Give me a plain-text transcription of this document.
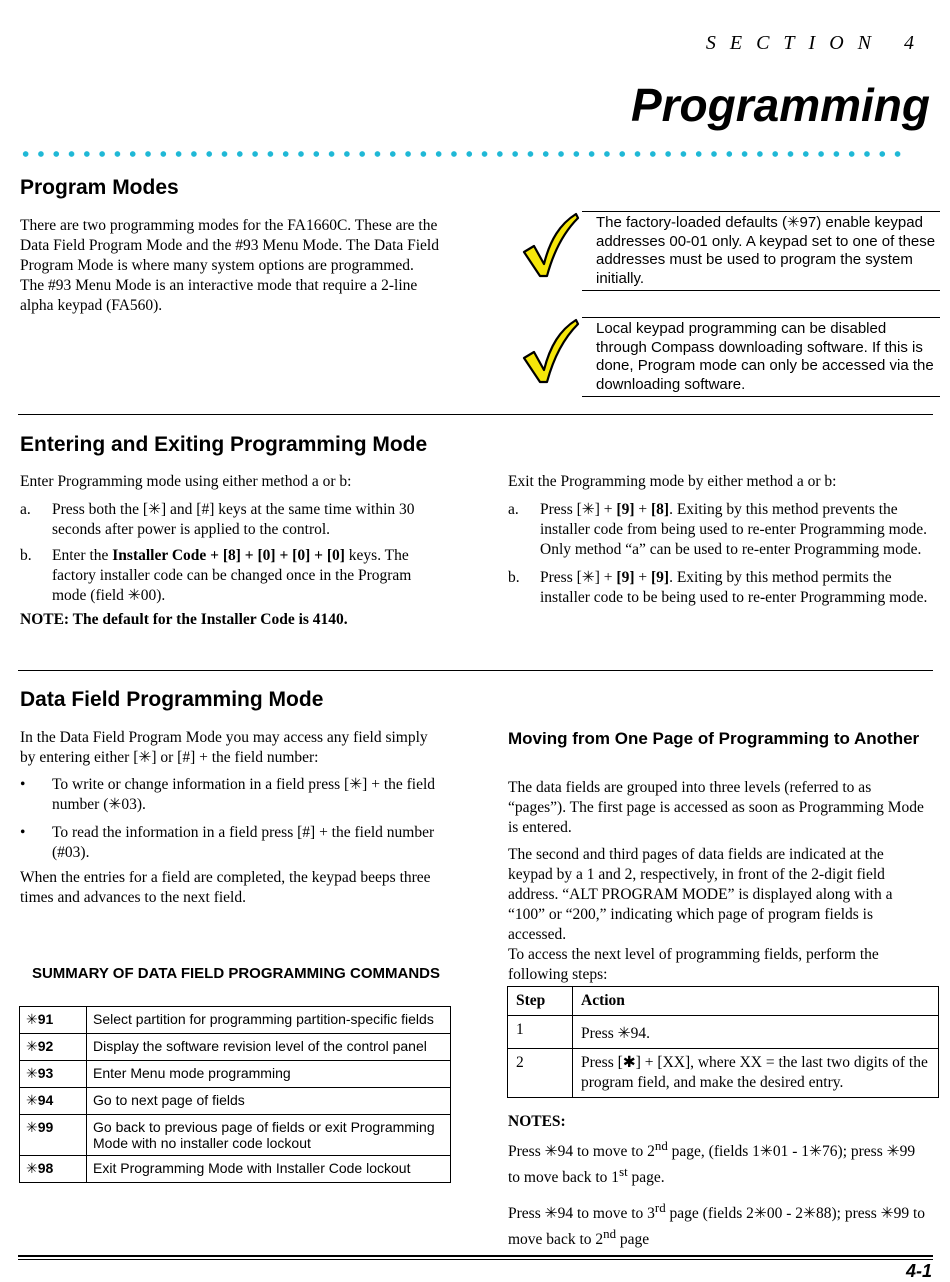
SECTION 4
Programming
Program Modes

There are two programming modes for the FA1660C. These are the Data Field Program Mode and the #93 Menu Mode. The Data Field Program Mode is where many system options are programmed. The #93 Menu Mode is an interactive mode that require a 2-line alpha keypad (FA560).

The factory-loaded defaults (✳97) enable keypad addresses 00-01 only. A keypad set to one of these addresses must be used to program the system initially.
Local keypad programming can be disabled through Compass downloading software. If this is done, Program mode can only be accessed via the downloading software.
Entering and Exiting Programming Mode

Enter Programming mode using either method a or b:

a. Press both the [✳] and [#] keys at the same time within 30 seconds after power is applied to the control.
b. Enter the Installer Code + [8] + [0] + [0] + [0] keys. The factory installer code can be changed once in the Program mode (field ✳00).

NOTE: The default for the Installer Code is 4140.

Exit the Programming mode by either method a or b:

a. Press [✳] + [9] + [8]. Exiting by this method prevents the installer code from being used to re-enter Programming mode. Only method “a” can be used to re-enter Programming mode.
b. Press [✳] + [9] + [9]. Exiting by this method permits the installer code to be being used to re-enter Programming mode.
Data Field Programming Mode

In the Data Field Program Mode you may access any field simply by entering either [✳] or [#] + the field number:

• To write or change information in a field press [✳] + the field number (✳03).
• To read the information in a field press [#] + the field number (#03).

When the entries for a field are completed, the keypad beeps three times and advances to the next field.

SUMMARY OF DATA FIELD PROGRAMMING COMMANDS
✳91	Select partition for programming partition-specific fields
✳92	Display the software revision level of the control panel
✳93	Enter Menu mode programming
✳94	Go to next page of fields
✳99	Go back to previous page of fields or exit Programming Mode with no installer code lockout
✳98	Exit Programming Mode with Installer Code lockout
Moving from One Page of Programming to Another

The data fields are grouped into three levels (referred to as “pages”). The first page is accessed as soon as Programming Mode is entered.

The second and third pages of data fields are indicated at the keypad by a 1 and 2, respectively, in front of the 2-digit field address. “ALT PROGRAM MODE” is displayed along with a “100” or “200,” indicating which page of program fields is accessed.

To access the next level of programming fields, perform the following steps:

Step	Action
1	Press ✳94.
2	Press [✱] + [XX], where XX = the last two digits of the program field, and make the desired entry.

NOTES:

Press ✳94 to move to 2nd page, (fields 1✳01 - 1✳76); press ✳99 to move back to 1st page.

Press ✳94 to move to 3rd page (fields 2✳00 - 2✳88); press ✳99 to move back to 2nd page

4-1
